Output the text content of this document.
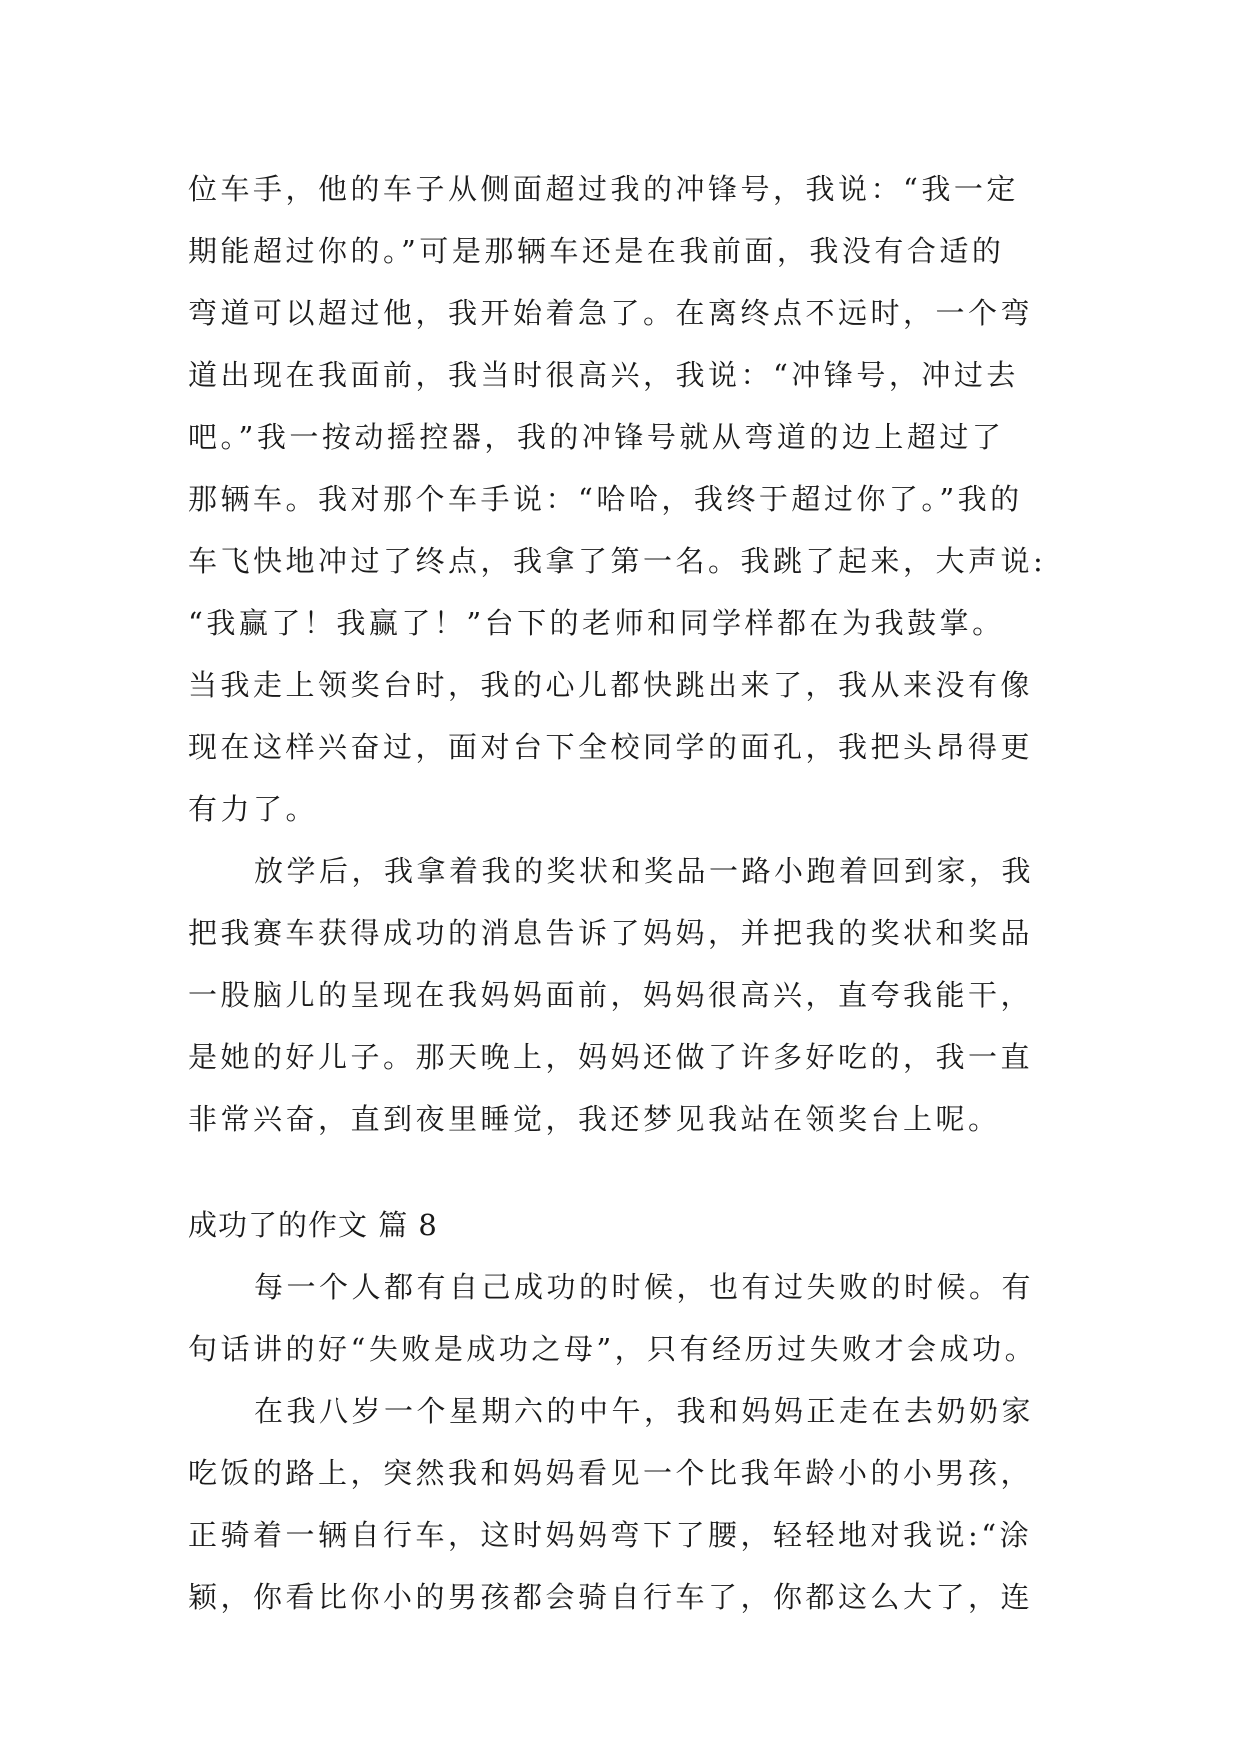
位车手，他的车子从侧面超过我的冲锋号，我说：“我一定
期能超过你的。”可是那辆车还是在我前面，我没有合适的
弯道可以超过他，我开始着急了。在离终点不远时，一个弯
道出现在我面前，我当时很高兴，我说：“冲锋号，冲过去
吧。”我一按动摇控器，我的冲锋号就从弯道的边上超过了
那辆车。我对那个车手说：“哈哈，我终于超过你了。”我的
车飞快地冲过了终点，我拿了第一名。我跳了起来，大声说:
“我赢了！我赢了！”台下的老师和同学样都在为我鼓掌。
当我走上领奖台时，我的心儿都快跳出来了，我从来没有像
现在这样兴奋过，面对台下全校同学的面孔，我把头昂得更
有力了。
放学后，我拿着我的奖状和奖品一路小跑着回到家，我
把我赛车获得成功的消息告诉了妈妈，并把我的奖状和奖品
一股脑儿的呈现在我妈妈面前，妈妈很高兴，直夸我能干，
是她的好儿子。那天晚上，妈妈还做了许多好吃的，我一直
非常兴奋，直到夜里睡觉，我还梦见我站在领奖台上呢。
成功了的作文 篇 8
每一个人都有自己成功的时候，也有过失败的时候。有
句话讲的好“失败是成功之母”，只有经历过失败才会成功。
在我八岁一个星期六的中午，我和妈妈正走在去奶奶家
吃饭的路上，突然我和妈妈看见一个比我年龄小的小男孩，
正骑着一辆自行车，这时妈妈弯下了腰，轻轻地对我说:“涂
颖，你看比你小的男孩都会骑自行车了，你都这么大了，连
